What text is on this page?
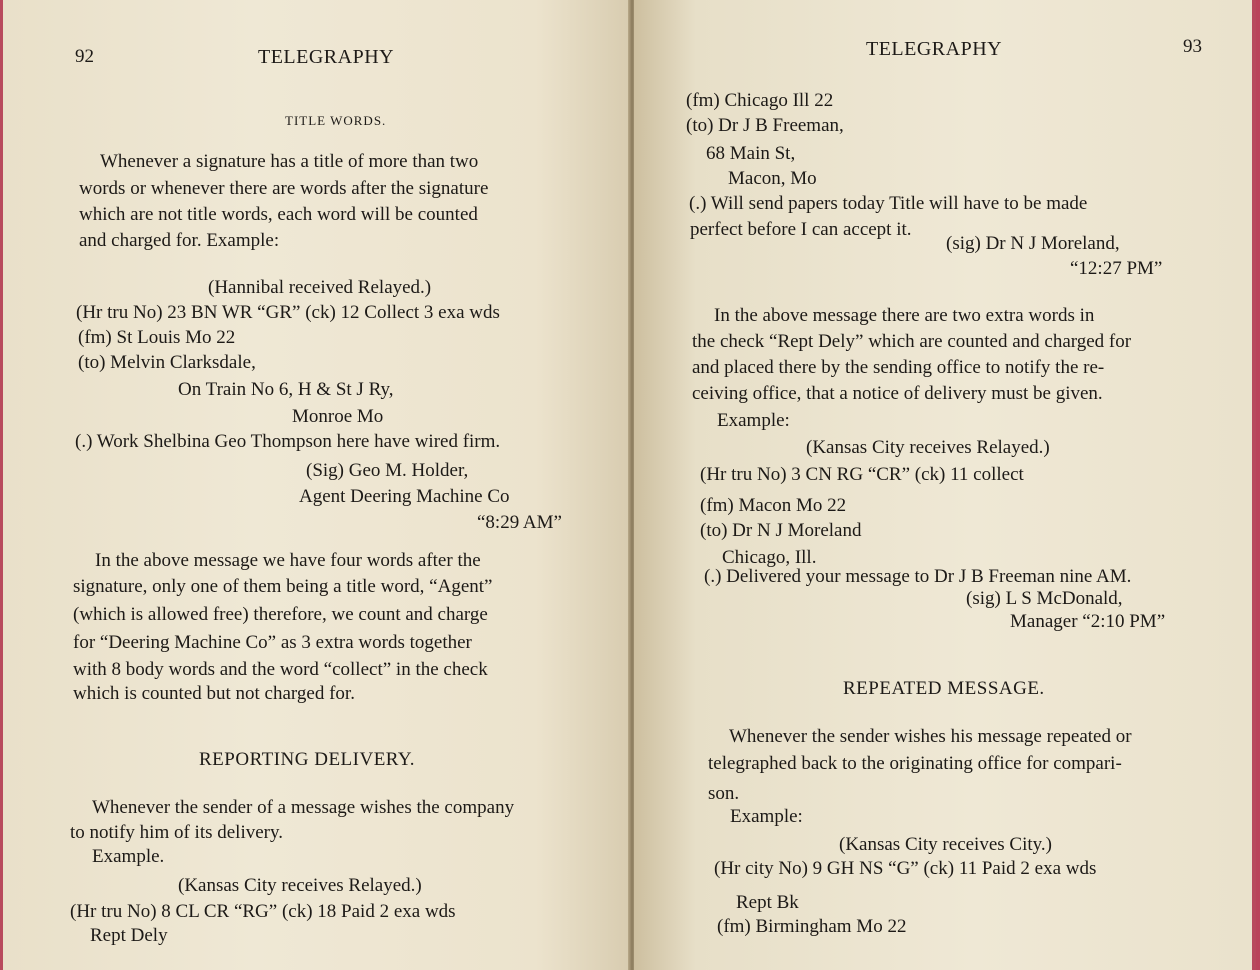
92	TELEGRAPHY
TITLE WORDS.
Whenever a signature has a title of more than two
words or whenever there are words after the signature
which are not title words, each word will be counted
and charged for. Example:
(Hannibal received Relayed.)
(Hr tru No) 23 BN WR “GR” (ck) 12 Collect 3 exa wds
(fm) St Louis Mo 22
(to) Melvin Clarksdale,
On Train No 6, H & St J Ry,
Monroe Mo
(.) Work Shelbina Geo Thompson here have wired firm.
(Sig) Geo M. Holder,
Agent Deering Machine Co
“8:29 AM”
In the above message we have four words after the
signature, only one of them being a title word, “Agent”
(which is allowed free) therefore, we count and charge
for “Deering Machine Co” as 3 extra words together
with 8 body words and the word “collect” in the check
which is counted but not charged for.
REPORTING DELIVERY.
Whenever the sender of a message wishes the company
to notify him of its delivery.
Example.
(Kansas City receives Relayed.)
(Hr tru No) 8 CL CR “RG” (ck) 18 Paid 2 exa wds
Rept Dely
TELEGRAPHY	93
(fm) Chicago Ill 22
(to) Dr J B Freeman,
68 Main St,
Macon, Mo
(.) Will send papers today Title will have to be made
perfect before I can accept it.
(sig) Dr N J Moreland,
“12:27 PM”
In the above message there are two extra words in
the check “Rept Dely” which are counted and charged for
and placed there by the sending office to notify the re-
ceiving office, that a notice of delivery must be given.
Example:
(Kansas City receives Relayed.)
(Hr tru No) 3 CN RG “CR” (ck) 11 collect
(fm) Macon Mo 22
(to) Dr N J Moreland
Chicago, Ill.
(.) Delivered your message to Dr J B Freeman nine AM.
(sig) L S McDonald,
Manager “2:10 PM”
REPEATED MESSAGE.
Whenever the sender wishes his message repeated or
telegraphed back to the originating office for compari-
son.
Example:
(Kansas City receives City.)
(Hr city No) 9 GH NS “G” (ck) 11 Paid 2 exa wds
Rept Bk
(fm) Birmingham Mo 22
